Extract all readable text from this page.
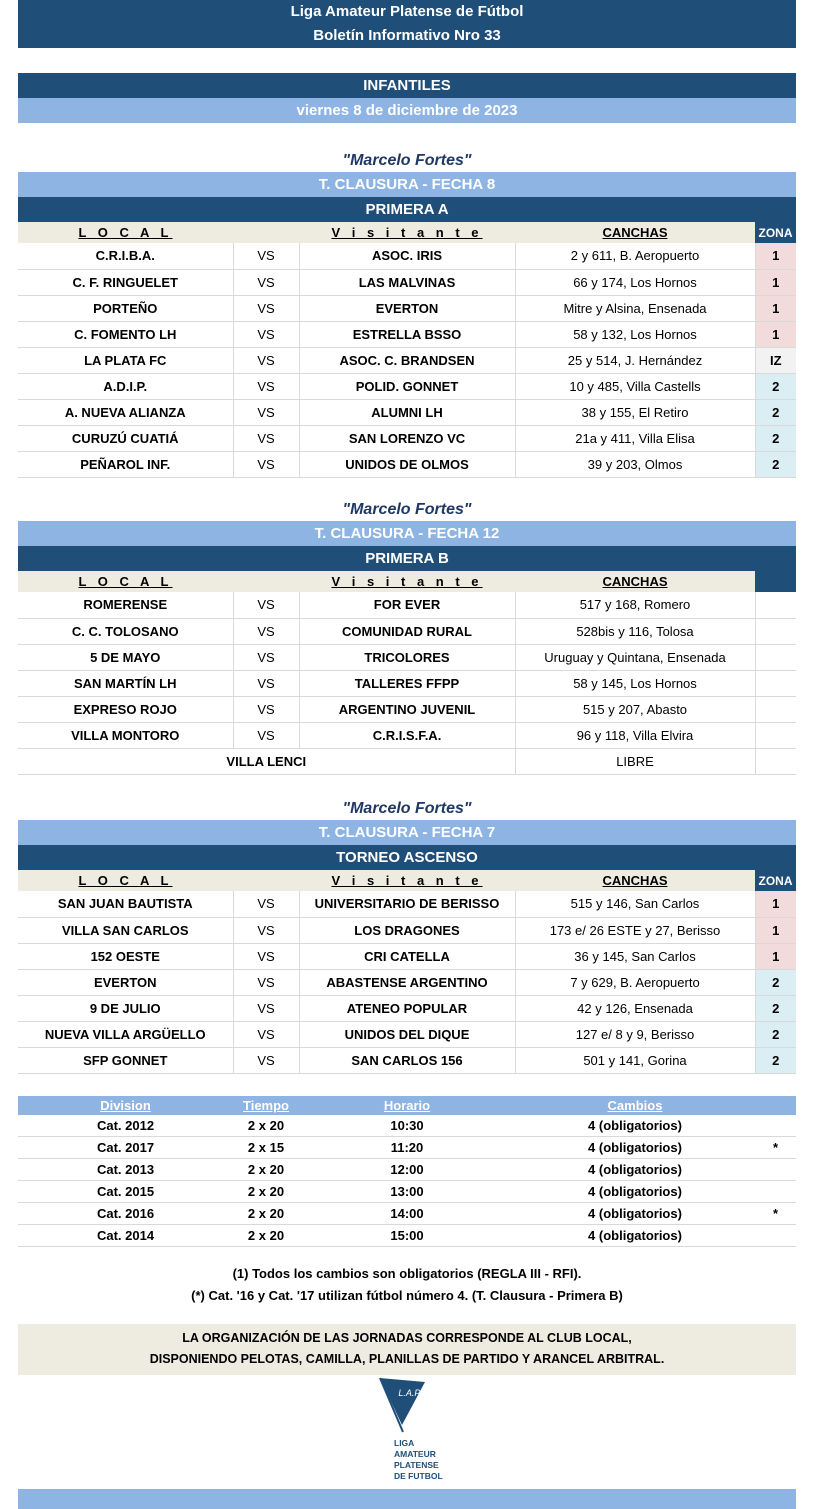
Liga Amateur Platense de Fútbol
Boletín Informativo Nro 33
INFANTILES
viernes 8 de diciembre de 2023
"Marcelo Fortes"
T. CLAUSURA - FECHA 8
PRIMERA A
L O C A L		V i s i t a n t e	CANCHAS	ZONA
C.R.I.B.A.	VS	ASOC. IRIS	2 y 611, B. Aeropuerto	1
C. F. RINGUELET	VS	LAS MALVINAS	66 y 174, Los Hornos	1
PORTEÑO	VS	EVERTON	Mitre y Alsina, Ensenada	1
C. FOMENTO LH	VS	ESTRELLA BSSO	58 y 132, Los Hornos	1
LA PLATA FC	VS	ASOC. C. BRANDSEN	25 y 514, J. Hernández	IZ
A.D.I.P.	VS	POLID. GONNET	10 y 485, Villa Castells	2
A. NUEVA ALIANZA	VS	ALUMNI LH	38 y 155, El Retiro	2
CURUZÚ CUATIÁ	VS	SAN LORENZO VC	21a y 411, Villa Elisa	2
PEÑAROL INF.	VS	UNIDOS DE OLMOS	39 y 203, Olmos	2
"Marcelo Fortes"
T. CLAUSURA - FECHA 12
PRIMERA B
L O C A L		V i s i t a n t e	CANCHAS	
ROMERENSE	VS	FOR EVER	517 y 168, Romero	
C. C. TOLOSANO	VS	COMUNIDAD RURAL	528bis y 116, Tolosa	
5 DE MAYO	VS	TRICOLORES	Uruguay y Quintana, Ensenada	
SAN MARTÍN LH	VS	TALLERES FFPP	58 y 145, Los Hornos	
EXPRESO ROJO	VS	ARGENTINO JUVENIL	515 y 207, Abasto	
VILLA MONTORO	VS	C.R.I.S.F.A.	96 y 118, Villa Elvira	
VILLA LENCI			LIBRE	
"Marcelo Fortes"
T. CLAUSURA - FECHA 7
TORNEO ASCENSO
L O C A L		V i s i t a n t e	CANCHAS	ZONA
SAN JUAN BAUTISTA	VS	UNIVERSITARIO DE BERISSO	515 y 146, San Carlos	1
VILLA SAN CARLOS	VS	LOS DRAGONES	173 e/ 26 ESTE y 27, Berisso	1
152 OESTE	VS	CRI CATELLA	36 y 145, San Carlos	1
EVERTON	VS	ABASTENSE ARGENTINO	7 y 629, B. Aeropuerto	2
9 DE JULIO	VS	ATENEO POPULAR	42 y 126, Ensenada	2
NUEVA VILLA ARGÜELLO	VS	UNIDOS DEL DIQUE	127 e/ 8 y 9, Berisso	2
SFP GONNET	VS	SAN CARLOS 156	501 y 141, Gorina	2
Division	Tiempo	Horario	Cambios	
Cat. 2012	2 x 20	10:30	4 (obligatorios)	
Cat. 2017	2 x 15	11:20	4 (obligatorios)	*
Cat. 2013	2 x 20	12:00	4 (obligatorios)	
Cat. 2015	2 x 20	13:00	4 (obligatorios)	
Cat. 2016	2 x 20	14:00	4 (obligatorios)	*
Cat. 2014	2 x 20	15:00	4 (obligatorios)	
(1) Todos los cambios son obligatorios (REGLA III - RFI).
(*) Cat. '16 y Cat. '17 utilizan fútbol número 4. (T. Clausura - Primera B)
LA ORGANIZACIÓN DE LAS JORNADAS CORRESPONDE AL CLUB LOCAL,
DISPONIENDO PELOTAS, CAMILLA, PLANILLAS DE PARTIDO Y ARANCEL ARBITRAL.
L.A.P.
LIGA
AMATEUR
PLATENSE
DE FUTBOL
